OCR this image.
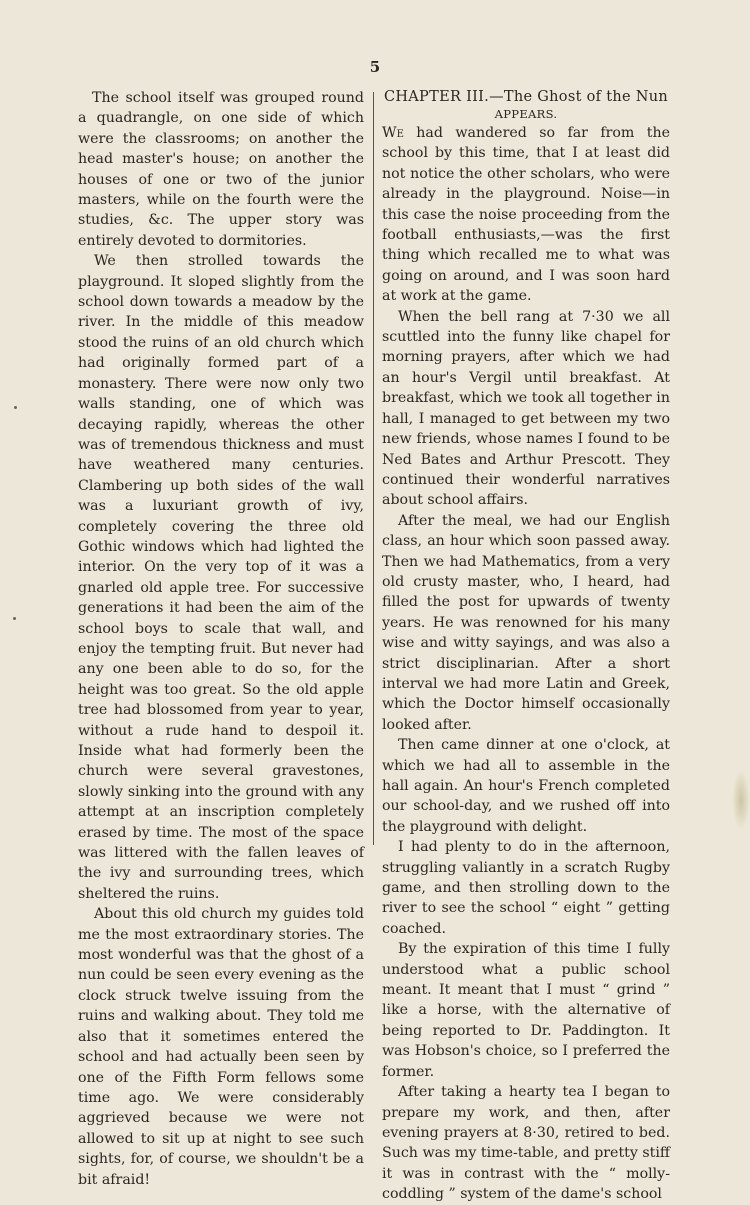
5

The school itself was grouped round a quadrangle, on one side of which were the classrooms; on another the head master's house; on another the houses of one or two of the junior masters, while on the fourth were the studies, &c. The upper story was entirely devoted to dormitories.

We then strolled towards the playground. It sloped slightly from the school down towards a meadow by the river. In the middle of this meadow stood the ruins of an old church which had originally formed part of a monastery. There were now only two walls standing, one of which was decaying rapidly, whereas the other was of tremendous thickness and must have weathered many centuries. Clambering up both sides of the wall was a luxuriant growth of ivy, completely covering the three old Gothic windows which had lighted the interior. On the very top of it was a gnarled old apple tree. For successive generations it had been the aim of the school boys to scale that wall, and enjoy the tempting fruit. But never had any one been able to do so, for the height was too great. So the old apple tree had blossomed from year to year, without a rude hand to despoil it. Inside what had formerly been the church were several gravestones, slowly sinking into the ground with any attempt at an inscription completely erased by time. The most of the space was littered with the fallen leaves of the ivy and surrounding trees, which sheltered the ruins.

About this old church my guides told me the most extraordinary stories. The most wonderful was that the ghost of a nun could be seen every evening as the clock struck twelve issuing from the ruins and walking about. They told me also that it sometimes entered the school and had actually been seen by one of the Fifth Form fellows some time ago. We were considerably aggrieved because we were not allowed to sit up at night to see such sights, for, of course, we shouldn't be a bit afraid!

CHAPTER III.—The Ghost of the Nun

APPEARS.

We had wandered so far from the school by this time, that I at least did not notice the other scholars, who were already in the playground. Noise—in this case the noise proceeding from the football enthusiasts,—was the first thing which recalled me to what was going on around, and I was soon hard at work at the game.

When the bell rang at 7·30 we all scuttled into the funny like chapel for morning prayers, after which we had an hour's Vergil until breakfast. At breakfast, which we took all together in hall, I managed to get between my two new friends, whose names I found to be Ned Bates and Arthur Prescott. They continued their wonderful narratives about school affairs.

After the meal, we had our English class, an hour which soon passed away. Then we had Mathematics, from a very old crusty master, who, I heard, had filled the post for upwards of twenty years. He was renowned for his many wise and witty sayings, and was also a strict disciplinarian. After a short interval we had more Latin and Greek, which the Doctor himself occasionally looked after.

Then came dinner at one o'clock, at which we had all to assemble in the hall again. An hour's French completed our school-day, and we rushed off into the playground with delight.

I had plenty to do in the afternoon, struggling valiantly in a scratch Rugby game, and then strolling down to the river to see the school “ eight ” getting coached.

By the expiration of this time I fully understood what a public school meant. It meant that I must “ grind ” like a horse, with the alternative of being reported to Dr. Paddington. It was Hobson's choice, so I preferred the former.

After taking a hearty tea I began to prepare my work, and then, after evening prayers at 8·30, retired to bed. Such was my time-table, and pretty stiff it was in contrast with the “ molly-coddling ” system of the dame's school
